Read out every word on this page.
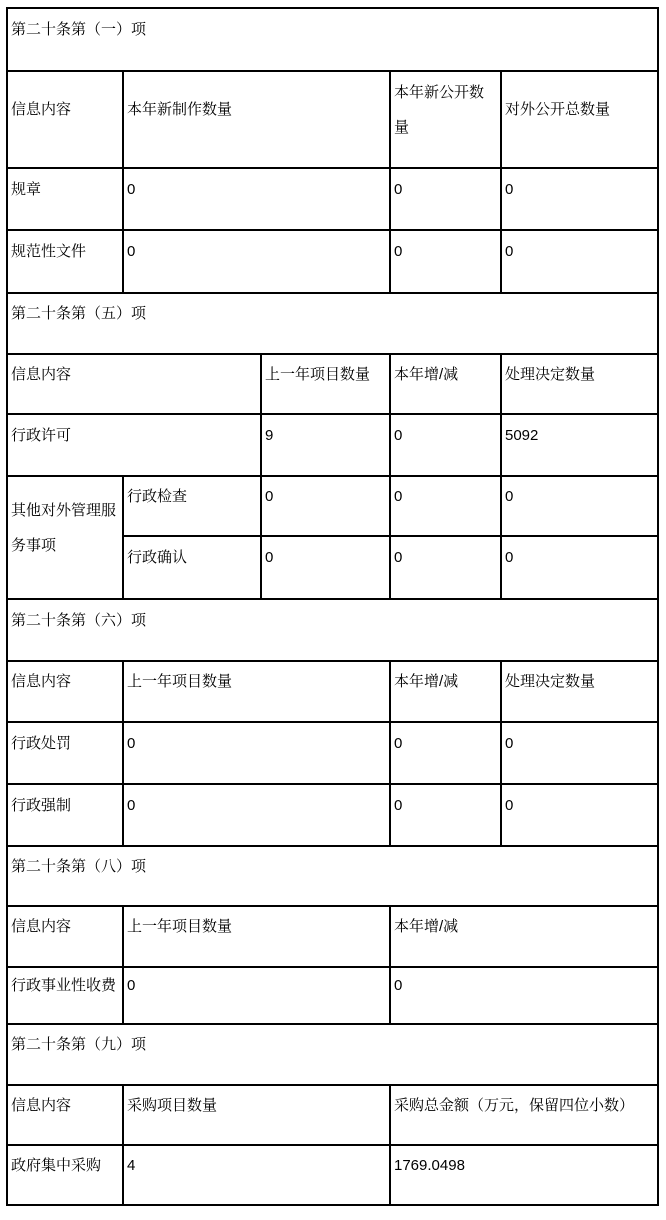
第二十条第（一）项				
信息内容	本年新制作数量		本年新公开数量	对外公开总数量
规章	0		0	0
规范性文件	0		0	0
第二十条第（五）项				
信息内容		上一年项目数量	本年增/减	处理决定数量
行政许可		9	0	5092
其他对外管理服务事项	行政检查	0	0	0
	行政确认	0	0	0
第二十条第（六）项				
信息内容	上一年项目数量		本年增/减	处理决定数量
行政处罚	0		0	0
行政强制	0		0	0
第二十条第（八）项				
信息内容	上一年项目数量		本年增/减	
行政事业性收费	0		0	
第二十条第（九）项				
信息内容	采购项目数量		采购总金额（万元，保留四位小数）	
政府集中采购	4		1769.0498	
